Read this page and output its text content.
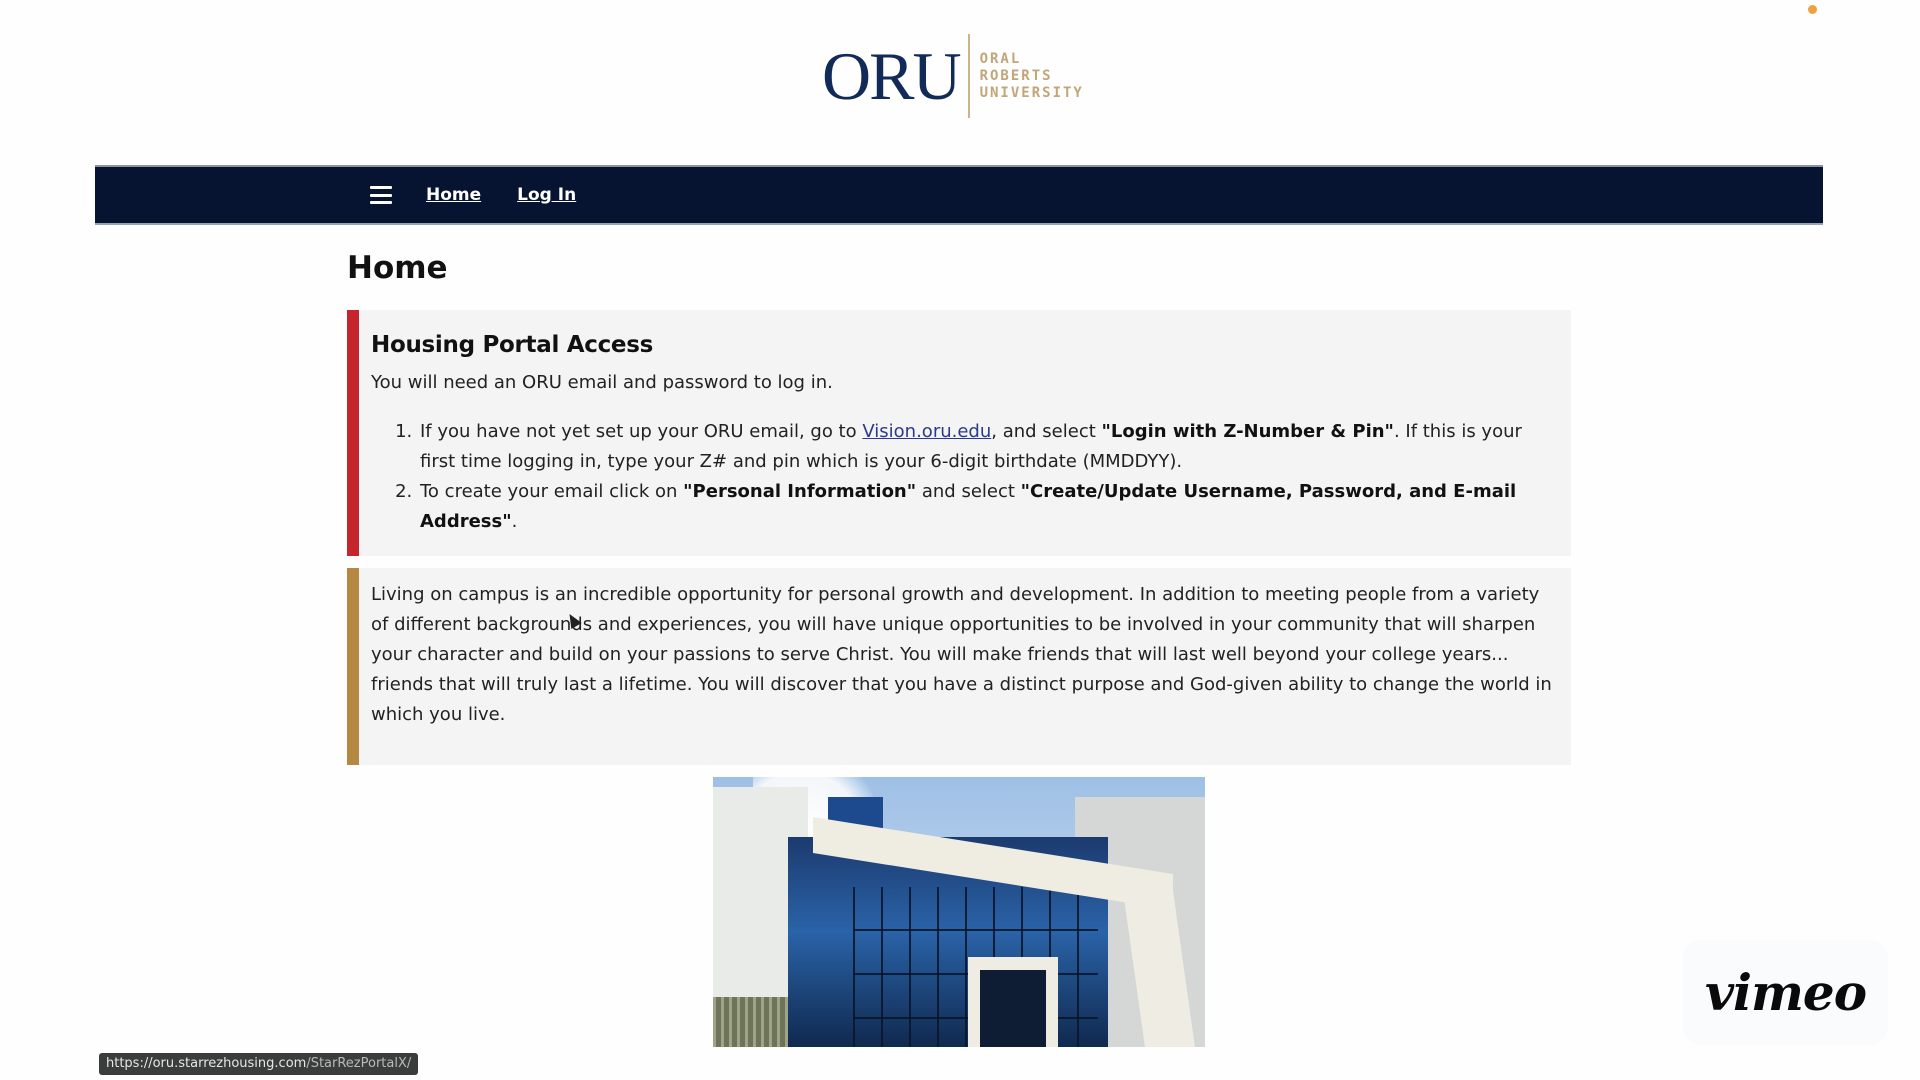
ORU ORAL
ROBERTS
UNIVERSITY
Home Log In
Home
Housing Portal Access

You will need an ORU email and password to log in.

1. If you have not yet set up your ORU email, go to Vision.oru.edu, and select "Login with Z-Number & Pin". If this is your first time logging in, type your Z# and pin which is your 6-digit birthdate (MMDDYY).
2. To create your email click on "Personal Information" and select "Create/Update Username, Password, and E-mail Address".

Living on campus is an incredible opportunity for personal growth and development. In addition to meeting people from a variety of different backgrounds and experiences, you will have unique opportunities to be involved in your community that will sharpen your character and build on your passions to serve Christ. You will make friends that will last well beyond your college years... friends that will truly last a lifetime. You will discover that you have a distinct purpose and God-given ability to change the world in which you live.

https://oru.starrezhousing.com/StarRezPortalX/
vimeo
